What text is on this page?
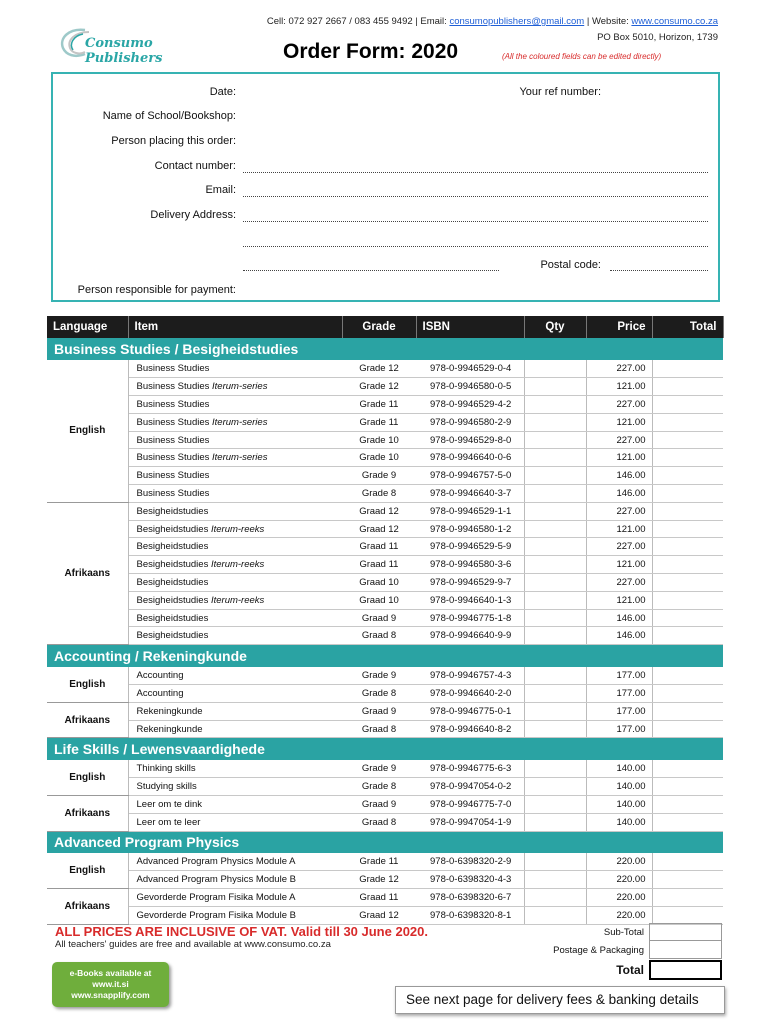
Consumo Publishers
Cell: 072 927 2667 / 083 455 9492 | Email: consumopublishers@gmail.com | Website: www.consumo.co.za
PO Box 5010, Horizon, 1739
Order Form: 2020	(All the coloured fields can be edited directly)
Date:	Your ref number:
Name of School/Bookshop:
Person placing this order:
Contact number:
Email:
Delivery Address:
Postal code:
Person responsible for payment:
Language	Item	Grade	ISBN	Qty	Price	Total
Business Studies / Besigheidstudies						
English	Business Studies	Grade 12	978-0-9946529-0-4		227.00	
	Business Studies Iterum-series	Grade 12	978-0-9946580-0-5		121.00	
	Business Studies	Grade 11	978-0-9946529-4-2		227.00	
	Business Studies Iterum-series	Grade 11	978-0-9946580-2-9		121.00	
	Business Studies	Grade 10	978-0-9946529-8-0		227.00	
	Business Studies Iterum-series	Grade 10	978-0-9946640-0-6		121.00	
	Business Studies	Grade 9	978-0-9946757-5-0		146.00	
	Business Studies	Grade 8	978-0-9946640-3-7		146.00	
Afrikaans	Besigheidstudies	Graad 12	978-0-9946529-1-1		227.00	
	Besigheidstudies Iterum-reeks	Graad 12	978-0-9946580-1-2		121.00	
	Besigheidstudies	Graad 11	978-0-9946529-5-9		227.00	
	Besigheidstudies Iterum-reeks	Graad 11	978-0-9946580-3-6		121.00	
	Besigheidstudies	Graad 10	978-0-9946529-9-7		227.00	
	Besigheidstudies Iterum-reeks	Graad 10	978-0-9946640-1-3		121.00	
	Besigheidstudies	Graad 9	978-0-9946775-1-8		146.00	
	Besigheidstudies	Graad 8	978-0-9946640-9-9		146.00	
Accounting / Rekeningkunde						
English	Accounting	Grade 9	978-0-9946757-4-3		177.00	
	Accounting	Grade 8	978-0-9946640-2-0		177.00	
Afrikaans	Rekeningkunde	Graad 9	978-0-9946775-0-1		177.00	
	Rekeningkunde	Graad 8	978-0-9946640-8-2		177.00	
Life Skills / Lewensvaardighede						
English	Thinking skills	Grade 9	978-0-9946775-6-3		140.00	
	Studying skills	Grade 8	978-0-9947054-0-2		140.00	
Afrikaans	Leer om te dink	Graad 9	978-0-9946775-7-0		140.00	
	Leer om te leer	Graad 8	978-0-9947054-1-9		140.00	
Advanced Program Physics						
English	Advanced Program Physics Module A	Grade 11	978-0-6398320-2-9		220.00	
	Advanced Program Physics Module B	Grade 12	978-0-6398320-4-3		220.00	
Afrikaans	Gevorderde Program Fisika Module A	Graad 11	978-0-6398320-6-7		220.00	
	Gevorderde Program Fisika Module B	Graad 12	978-0-6398320-8-1		220.00	
ALL PRICES ARE INCLUSIVE OF VAT. Valid till 30 June 2020.
All teachers' guides are free and available at www.consumo.co.za
Sub-Total
Postage & Packaging
Total
e-Books available at
www.it.si
www.snapplify.com	See next page for delivery fees & banking details
